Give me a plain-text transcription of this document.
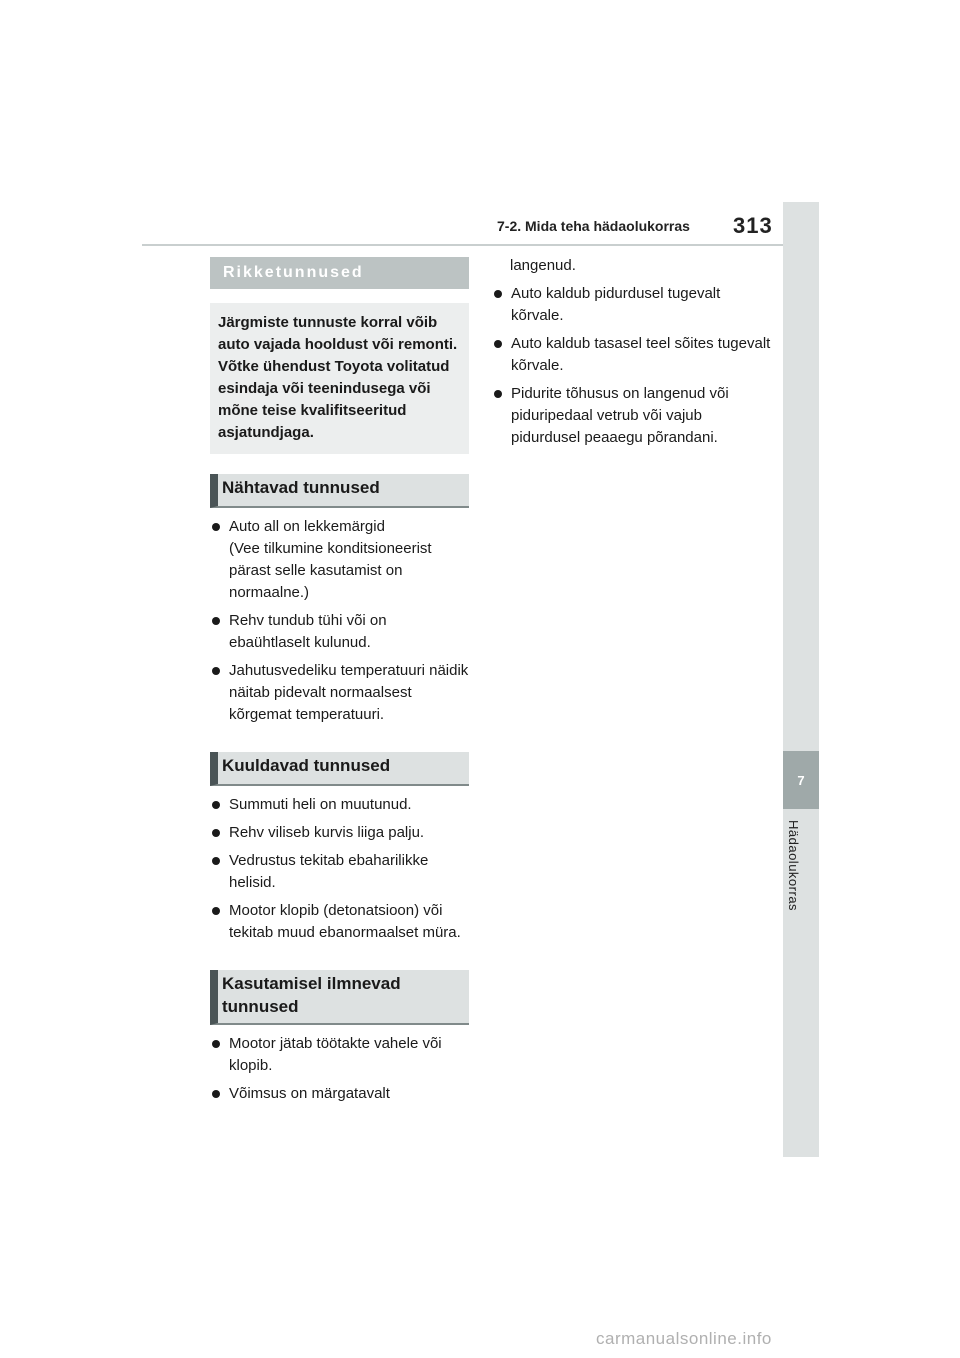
7-2. Mida teha hädaolukorras 313
7
Hädaolukorras
Rikketunnused
Järgmiste tunnuste korral võib auto vajada hooldust või remonti. Võtke ühendust Toyota volitatud esindaja või teenindusega või mõne teise kvalifitseeritud asjatundjaga.
Nähtavad tunnused
Auto all on lekkemärgid
(Vee tilkumine konditsioneerist pärast selle kasutamist on normaalne.)
Rehv tundub tühi või on ebaühtlaselt kulunud.
Jahutusvedeliku temperatuuri näidik näitab pidevalt normaalsest
kõrgemat temperatuuri.
Kuuldavad tunnused
Summuti heli on muutunud.
Rehv viliseb kurvis liiga palju.
Vedrustus tekitab ebaharilikke helisid.
Mootor klopib (detonatsioon) või tekitab muud ebanormaalset müra.
Kasutamisel ilmnevad tunnused
Mootor jätab töötakte vahele või klopib.
Võimsus on märgatavalt
langenud.
Auto kaldub pidurdusel tugevalt kõrvale.
Auto kaldub tasasel teel sõites tugevalt kõrvale.
Pidurite tõhusus on langenud või piduripedaal vetrub või vajub pidurdusel peaaegu põrandani.
carmanualsonline.info
